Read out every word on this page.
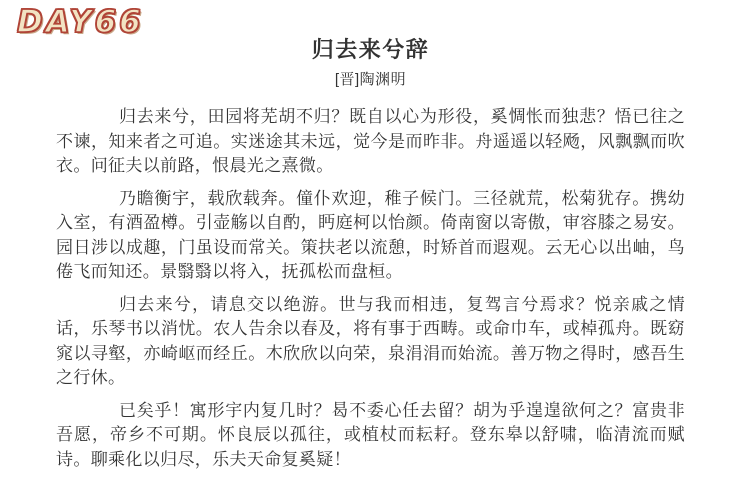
DAY66
归去来兮辞
[晋]陶渊明

归去来兮，田园将芜胡不归？既自以心为形役，奚惆怅而独悲？悟已往之不谏，知来者之可追。实迷途其未远，觉今是而昨非。舟遥遥以轻飏，风飘飘而吹衣。问征夫以前路，恨晨光之熹微。

乃瞻衡宇，载欣载奔。僮仆欢迎，稚子候门。三径就荒，松菊犹存。携幼入室，有酒盈樽。引壶觞以自酌，眄庭柯以怡颜。倚南窗以寄傲，审容膝之易安。园日涉以成趣，门虽设而常关。策扶老以流憩，时矫首而遐观。云无心以出岫，鸟倦飞而知还。景翳翳以将入，抚孤松而盘桓。

归去来兮，请息交以绝游。世与我而相违，复驾言兮焉求？悦亲戚之情话，乐琴书以消忧。农人告余以春及，将有事于西畴。或命巾车，或棹孤舟。既窈窕以寻壑，亦崎岖而经丘。木欣欣以向荣，泉涓涓而始流。善万物之得时，感吾生之行休。

已矣乎！寓形宇内复几时？曷不委心任去留？胡为乎遑遑欲何之？富贵非吾愿，帝乡不可期。怀良辰以孤往，或植杖而耘耔。登东皋以舒啸，临清流而赋诗。聊乘化以归尽，乐夫天命复奚疑！
